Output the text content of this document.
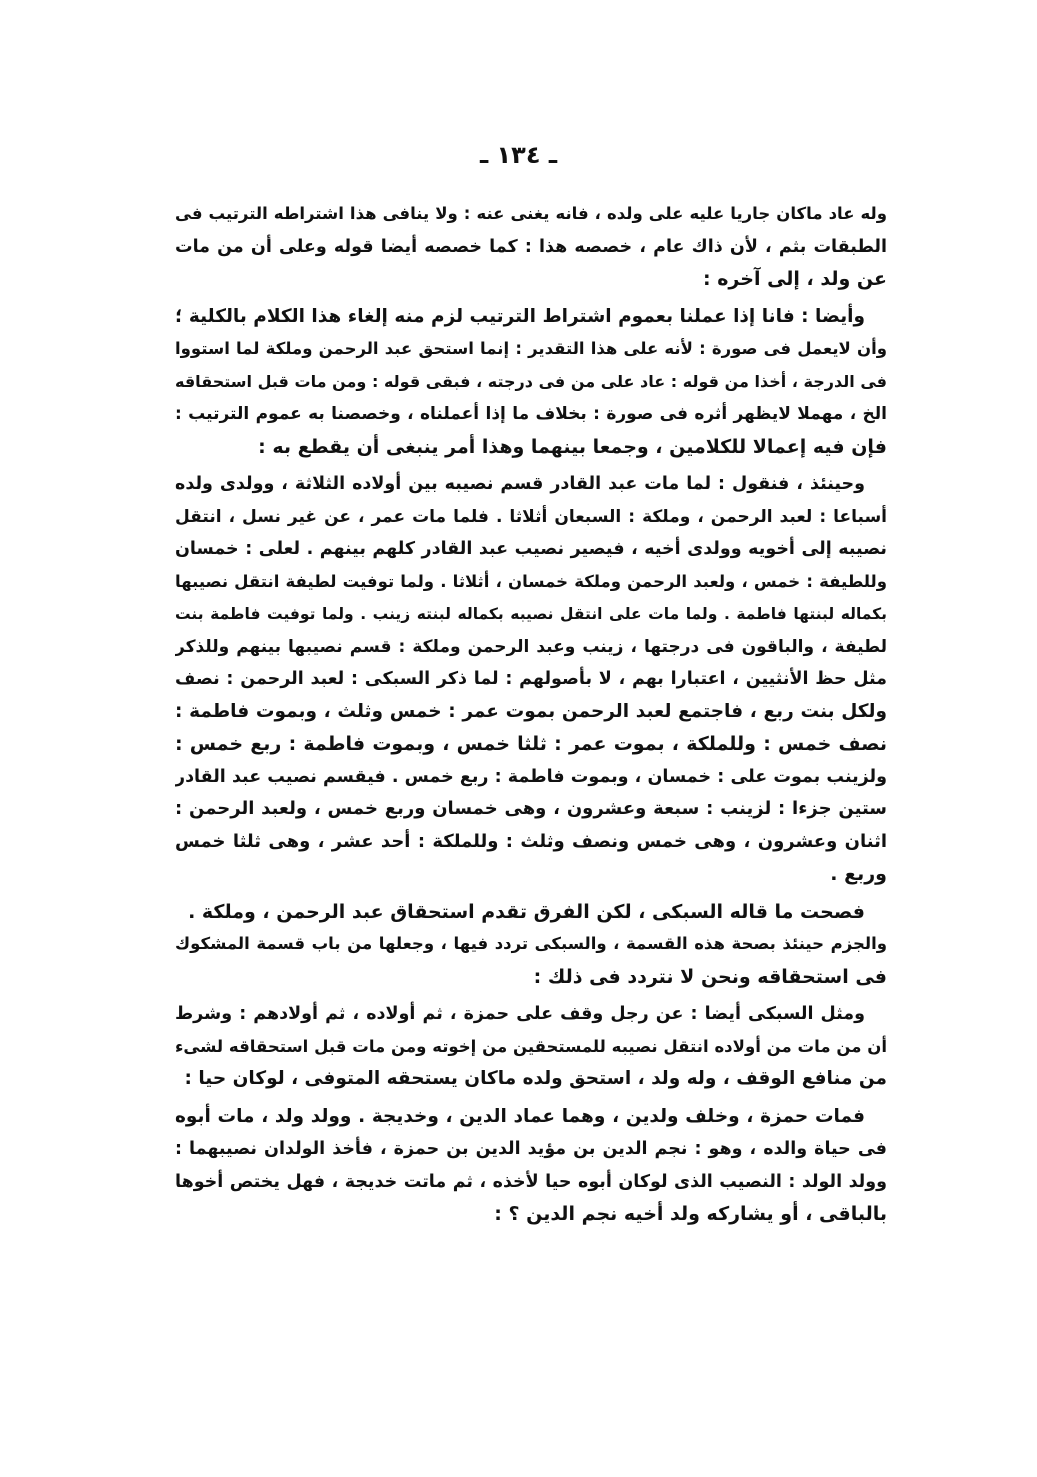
ـ ١٣٤ ـ
وله عاد ماكان جاريا عليه على ولده ، فانه يغنى عنه : ولا ينافى هذا اشتراطه الترتيب فى
الطبقات بثم ، لأن ذاك عام ، خصصه هذا : كما خصصه أيضا قوله وعلى أن من مات
عن ولد ، إلى آخره :
وأيضا : فانا إذا عملنا بعموم اشتراط الترتيب لزم منه إلغاء هذا الكلام بالكلية ؛
وأن لايعمل فى صورة : لأنه على هذا التقدير : إنما استحق عبد الرحمن وملكة لما استووا
فى الدرجة ، أخذا من قوله : عاد على من فى درجته ، فبقى قوله : ومن مات قبل استحقاقه
الخ ، مهملا لايظهر أثره فى صورة : بخلاف ما إذا أعملناه ، وخصصنا به عموم الترتيب :
فإن فيه إعمالا للكلامين ، وجمعا بينهما وهذا أمر ينبغى أن يقطع به :
وحينئذ ، فنقول : لما مات عبد القادر قسم نصيبه بين أولاده الثلاثة ، وولدى ولده
أسباعا : لعبد الرحمن ، وملكة : السبعان أثلاثا . فلما مات عمر ، عن غير نسل ، انتقل
نصيبه إلى أخويه وولدى أخيه ، فيصير نصيب عبد القادر كلهم بينهم . لعلى : خمسان
وللطيفة : خمس ، ولعبد الرحمن وملكة خمسان ، أثلاثا . ولما توفيت لطيفة انتقل نصيبها
بكماله لبنتها فاطمة . ولما مات على انتقل نصيبه بكماله لبنته زينب . ولما توفيت فاطمة بنت
لطيفة ، والباقون فى درجتها ، زينب وعبد الرحمن وملكة : قسم نصيبها بينهم وللذكر
مثل حظ الأنثيين ، اعتبارا بهم ، لا بأصولهم : لما ذكر السبكى : لعبد الرحمن : نصف
ولكل بنت ربع ، فاجتمع لعبد الرحمن بموت عمر : خمس وثلث ، وبموت فاطمة :
نصف خمس : وللملكة ، بموت عمر : ثلثا خمس ، وبموت فاطمة : ربع خمس :
ولزينب بموت على : خمسان ، وبموت فاطمة : ربع خمس . فيقسم نصيب عبد القادر
ستين جزءا : لزينب : سبعة وعشرون ، وهى خمسان وربع خمس ، ولعبد الرحمن :
اثنان وعشرون ، وهى خمس ونصف وثلث : وللملكة : أحد عشر ، وهى ثلثا خمس
وربع .
فصحت ما قاله السبكى ، لكن الفرق تقدم استحقاق عبد الرحمن ، وملكة .
والجزم حينئذ بصحة هذه القسمة ، والسبكى تردد فيها ، وجعلها من باب قسمة المشكوك
فى استحقاقه ونحن لا نتردد فى ذلك :
ومثل السبكى أيضا : عن رجل وقف على حمزة ، ثم أولاده ، ثم أولادهم : وشرط
أن من مات من أولاده انتقل نصيبه للمستحقين من إخوته ومن مات قبل استحقاقه لشىء
من منافع الوقف ، وله ولد ، استحق ولده ماكان يستحقه المتوفى ، لوكان حيا :
فمات حمزة ، وخلف ولدين ، وهما عماد الدين ، وخديجة . وولد ولد ، مات أبوه
فى حياة والده ، وهو : نجم الدين بن مؤيد الدين بن حمزة ، فأخذ الولدان نصيبهما :
وولد الولد : النصيب الذى لوكان أبوه حيا لأخذه ، ثم ماتت خديجة ، فهل يختص أخوها
بالباقى ، أو يشاركه ولد أخيه نجم الدين ؟ :
